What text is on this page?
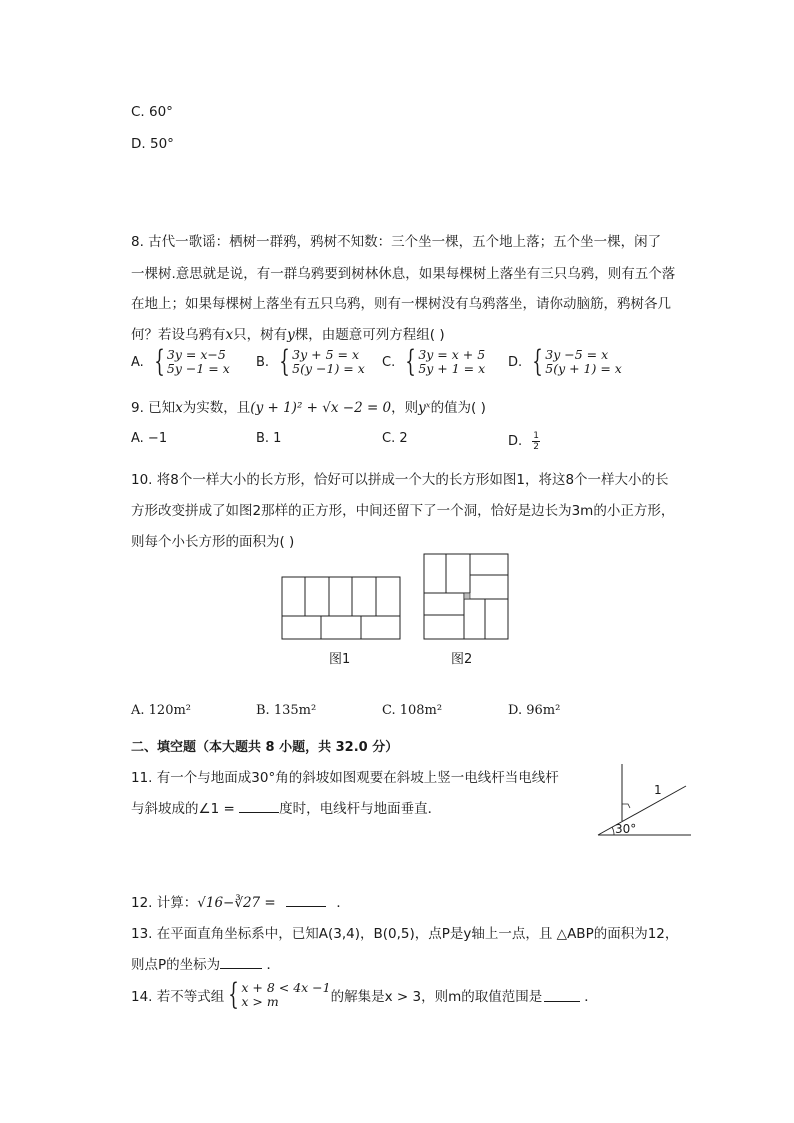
C. 60°
D. 50°
8. 古代一歌谣：栖树一群鸦，鸦树不知数：三个坐一棵，五个地上落；五个坐一棵，闲了
一棵树.意思就是说，有一群乌鸦要到树林休息，如果每棵树上落坐有三只乌鸦，则有五个落
在地上；如果每棵树上落坐有五只乌鸦，则有一棵树没有乌鸦落坐，请你动脑筋，鸦树各几
何？若设乌鸦有x只，树有y棵，由题意可列方程组( )
A. { 3y = x−5
5y −1 = x B. { 3y + 5 = x
5(y −1) = x C. { 3y = x + 5
5y + 1 = x D. { 3y −5 = x
5(y + 1) = x
9. 已知x为实数，且(y + 1)² + √x −2 = 0，则yˣ的值为( )
A. −1	B. 1	C. 2	D. $\frac{1}{2}$
10. 将8个一样大小的长方形，恰好可以拼成一个大的长方形如图1，将这8个一样大小的长
方形改变拼成了如图2那样的正方形，中间还留下了一个洞，恰好是边长为3m的小正方形，
则每个小长方形的面积为( )
图1	图2
A. 120m²	B. 135m²	C. 108m²	D. 96m²
二、填空题（本大题共 8 小题，共 32.0 分）
11. 有一个与地面成30°角的斜坡如图观要在斜坡上竖一电线杆当电线杆
与斜坡成的∠1 =	度时，电线杆与地面垂直．
1
30°
12. 计算：√16−∛27 =	．
13. 在平面直角坐标系中，已知A(3,4)，B(0,5)，点P是y轴上一点，且 △ABP的面积为12，
则点P的坐标为	．
14. 若不等式组 { x + 8 < 4x −1
x > m	的解集是x > 3，则m的取值范围是	．
